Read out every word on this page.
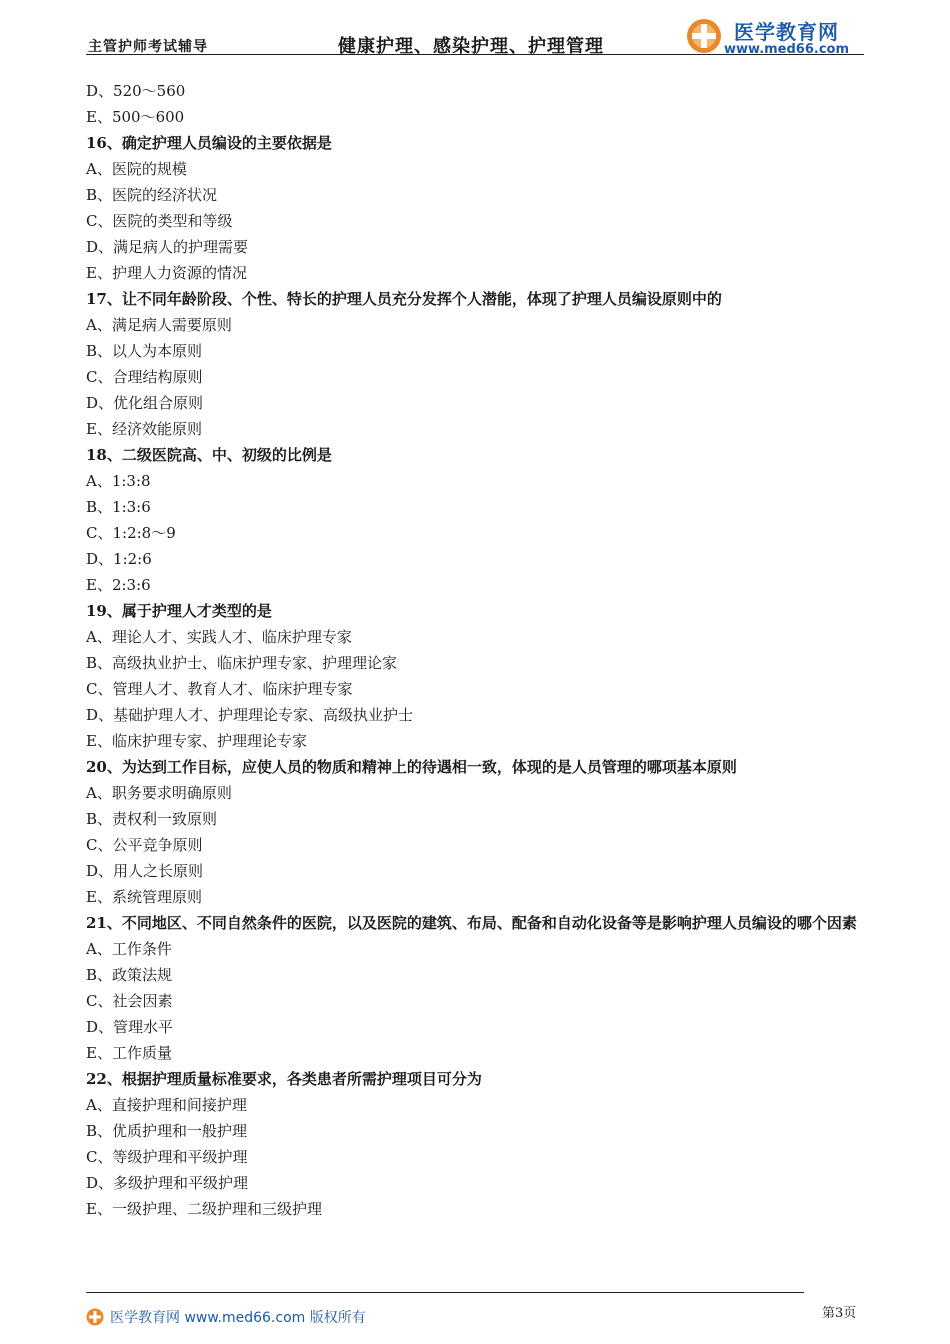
主管护师考试辅导	健康护理、感染护理、护理管理
医学教育网
www.med66.com
D、520～560
E、500～600
16、确定护理人员编设的主要依据是
A、医院的规模
B、医院的经济状况
C、医院的类型和等级
D、满足病人的护理需要
E、护理人力资源的情况
17、让不同年龄阶段、个性、特长的护理人员充分发挥个人潜能，体现了护理人员编设原则中的
A、满足病人需要原则
B、以人为本原则
C、合理结构原则
D、优化组合原则
E、经济效能原则
18、二级医院高、中、初级的比例是
A、1:3:8
B、1:3:6
C、1:2:8～9
D、1:2:6
E、2:3:6
19、属于护理人才类型的是
A、理论人才、实践人才、临床护理专家
B、高级执业护士、临床护理专家、护理理论家
C、管理人才、教育人才、临床护理专家
D、基础护理人才、护理理论专家、高级执业护士
E、临床护理专家、护理理论专家
20、为达到工作目标，应使人员的物质和精神上的待遇相一致，体现的是人员管理的哪项基本原则
A、职务要求明确原则
B、责权利一致原则
C、公平竞争原则
D、用人之长原则
E、系统管理原则
21、不同地区、不同自然条件的医院，以及医院的建筑、布局、配备和自动化设备等是影响护理人员编设的哪个因素
A、工作条件
B、政策法规
C、社会因素
D、管理水平
E、工作质量
22、根据护理质量标准要求，各类患者所需护理项目可分为
A、直接护理和间接护理
B、优质护理和一般护理
C、等级护理和平级护理
D、多级护理和平级护理
E、一级护理、二级护理和三级护理
医学教育网 www.med66.com 版权所有	第3页
